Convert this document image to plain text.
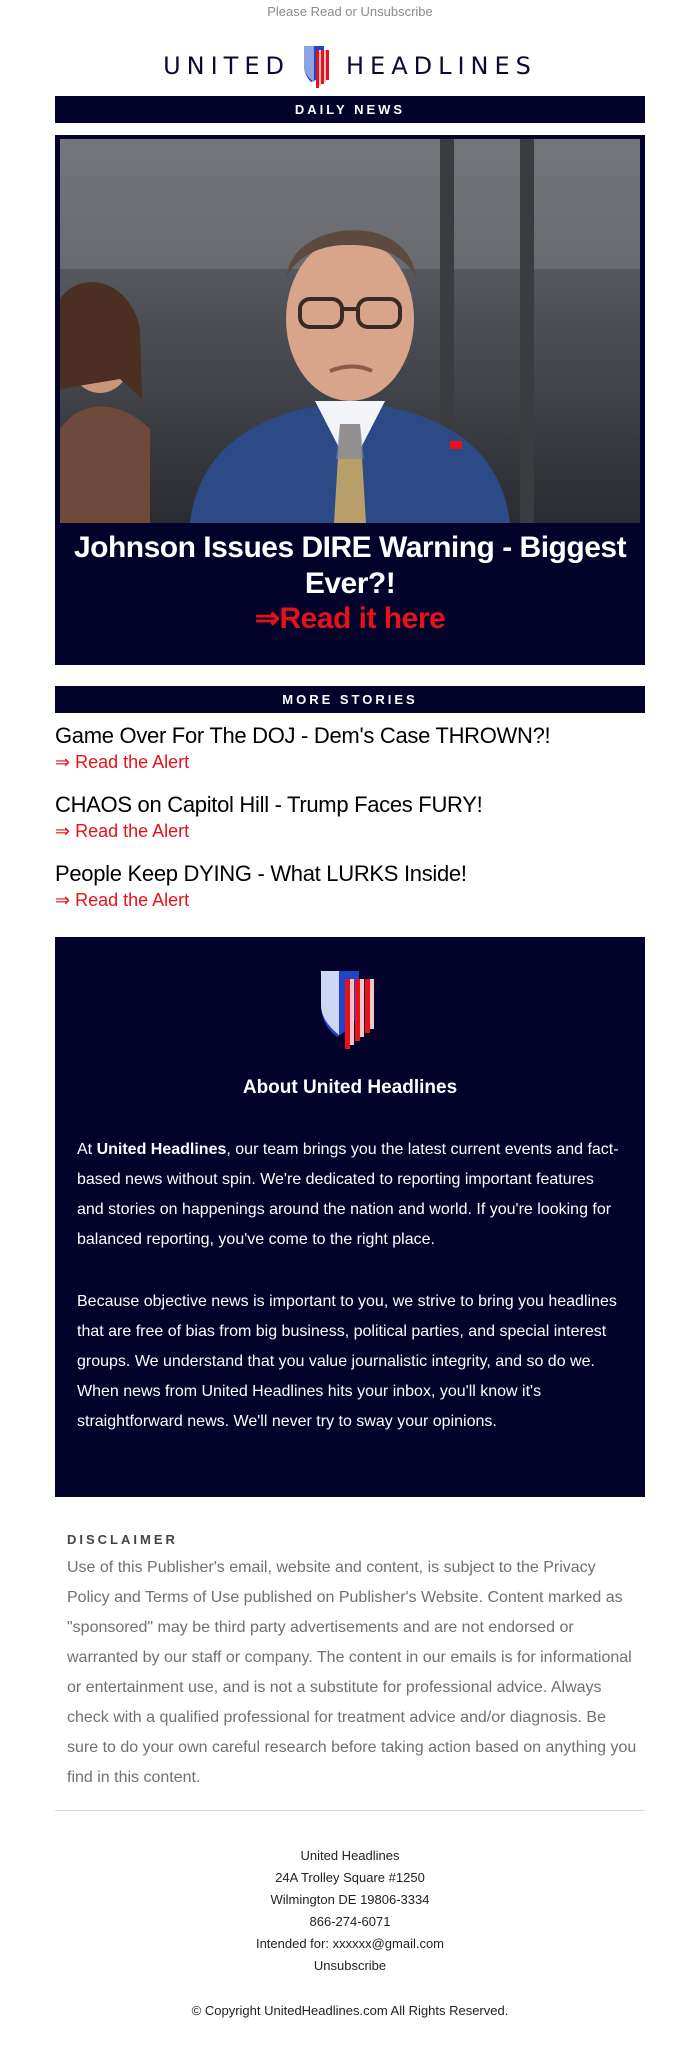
Please Read or Unsubscribe
UNITED HEADLINES
DAILY NEWS
Johnson Issues DIRE Warning - Biggest Ever?!
⇒Read it here
MORE STORIES
Game Over For The DOJ - Dem's Case THROWN?!
⇒ Read the Alert
CHAOS on Capitol Hill - Trump Faces FURY!
⇒ Read the Alert
People Keep DYING - What LURKS Inside!
⇒ Read the Alert
About United Headlines
At United Headlines, our team brings you the latest current events and fact-based news without spin. We're dedicated to reporting important features and stories on happenings around the nation and world. If you're looking for balanced reporting, you've come to the right place.
Because objective news is important to you, we strive to bring you headlines that are free of bias from big business, political parties, and special interest groups. We understand that you value journalistic integrity, and so do we. When news from United Headlines hits your inbox, you'll know it's straightforward news. We'll never try to sway your opinions.
DISCLAIMER
Use of this Publisher's email, website and content, is subject to the Privacy Policy and Terms of Use published on Publisher's Website. Content marked as "sponsored" may be third party advertisements and are not endorsed or warranted by our staff or company. The content in our emails is for informational or entertainment use, and is not a substitute for professional advice. Always check with a qualified professional for treatment advice and/or diagnosis. Be sure to do your own careful research before taking action based on anything you find in this content.
United Headlines
24A Trolley Square #1250
Wilmington DE 19806-3334
866-274-6071
Intended for: xxxxxx@gmail.com
Unsubscribe
© Copyright UnitedHeadlines.com All Rights Reserved.
